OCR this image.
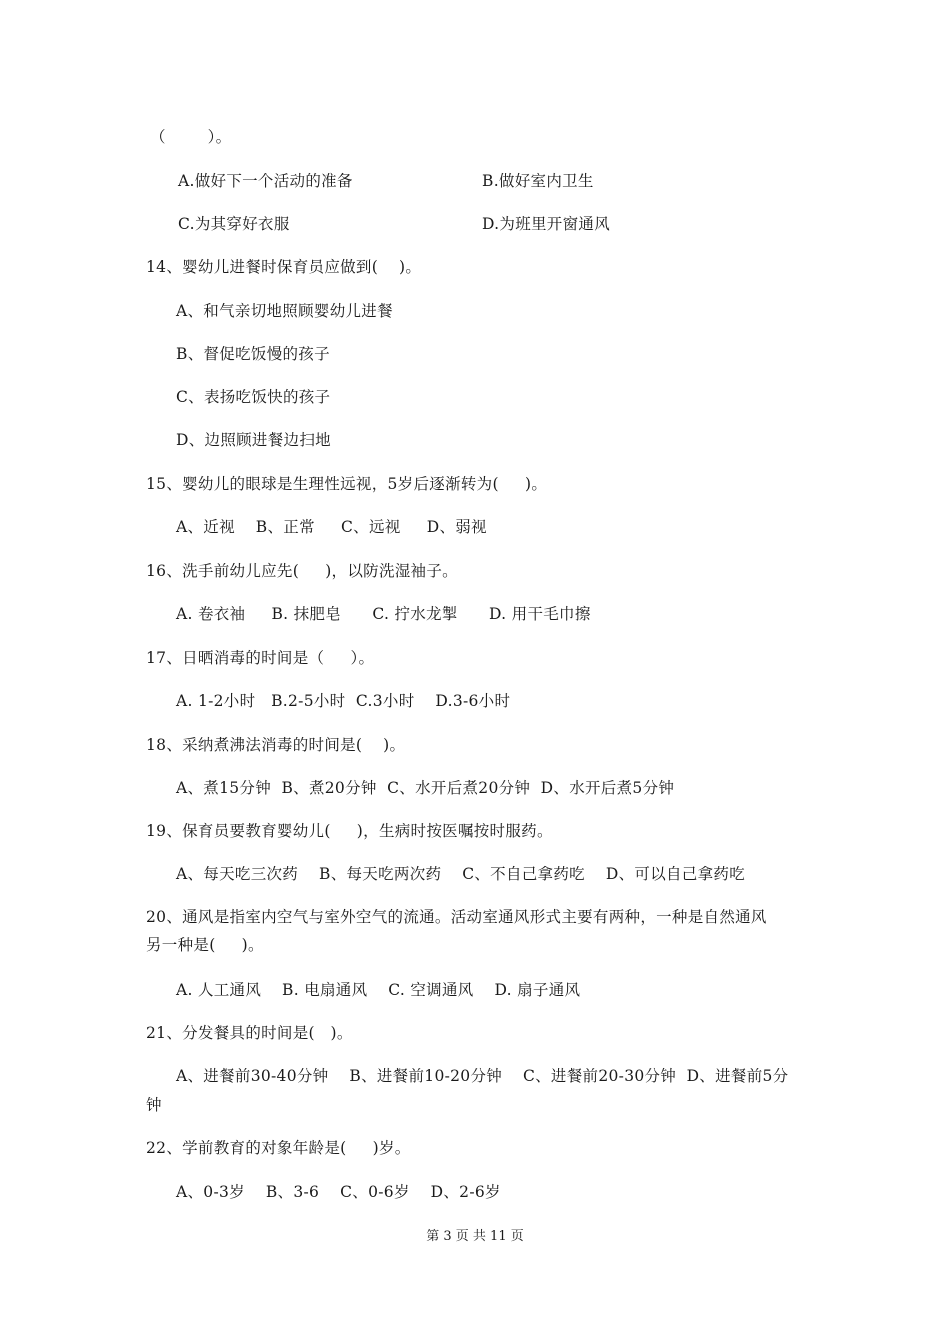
（        ）。
A.做好下一个活动的准备	B.做好室内卫生
C.为其穿好衣服	D.为班里开窗通风
14、婴幼儿进餐时保育员应做到(    )。
A、和气亲切地照顾婴幼儿进餐
B、督促吃饭慢的孩子
C、表扬吃饭快的孩子
D、边照顾进餐边扫地
15、婴幼儿的眼球是生理性远视，5岁后逐渐转为(     )。
A、近视    B、正常     C、远视     D、弱视
16、洗手前幼儿应先(     )，以防洗湿袖子。
A. 卷衣袖     B. 抹肥皂      C. 拧水龙掣      D. 用干毛巾擦
17、日晒消毒的时间是（     ）。
A. 1-2小时   B.2-5小时  C.3小时    D.3-6小时
18、采纳煮沸法消毒的时间是(    )。
A、煮15分钟  B、煮20分钟  C、水开后煮20分钟  D、水开后煮5分钟
19、保育员要教育婴幼儿(     )，生病时按医嘱按时服药。
A、每天吃三次药    B、每天吃两次药    C、不自己拿药吃    D、可以自己拿药吃
20、通风是指室内空气与室外空气的流通。活动室通风形式主要有两种，一种是自然通风
另一种是(     )。
A. 人工通风    B. 电扇通风    C. 空调通风    D. 扇子通风
21、分发餐具的时间是(   )。
A、进餐前30-40分钟    B、进餐前10-20分钟    C、进餐前20-30分钟  D、进餐前5分
钟
22、学前教育的对象年龄是(     )岁。
A、0-3岁    B、3-6    C、0-6岁    D、2-6岁
第 3 页 共 11 页
